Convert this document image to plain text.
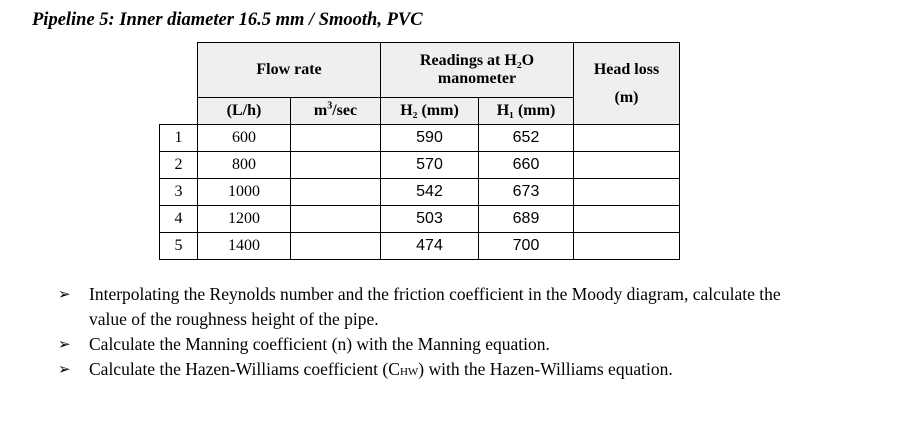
Pipeline 5: Inner diameter 16.5 mm / Smooth, PVC
	Flow rate		Readings at H₂O
manometer		Head loss
(m)
	(L/h)	$m^3/\sec$	H₂ (mm)	H₁ (mm)	
1	600		590	652	
2	800		570	660	
3	1000		542	673	
4	1200		503	689	
5	1400		474	700	
➢ Interpolating the Reynolds number and the friction coefficient in the Moody diagram, calculate the value of the roughness height of the pipe.
➢ Calculate the Manning coefficient (n) with the Manning equation.
➢ Calculate the Hazen-Williams coefficient (CHW) with the Hazen-Williams equation.
